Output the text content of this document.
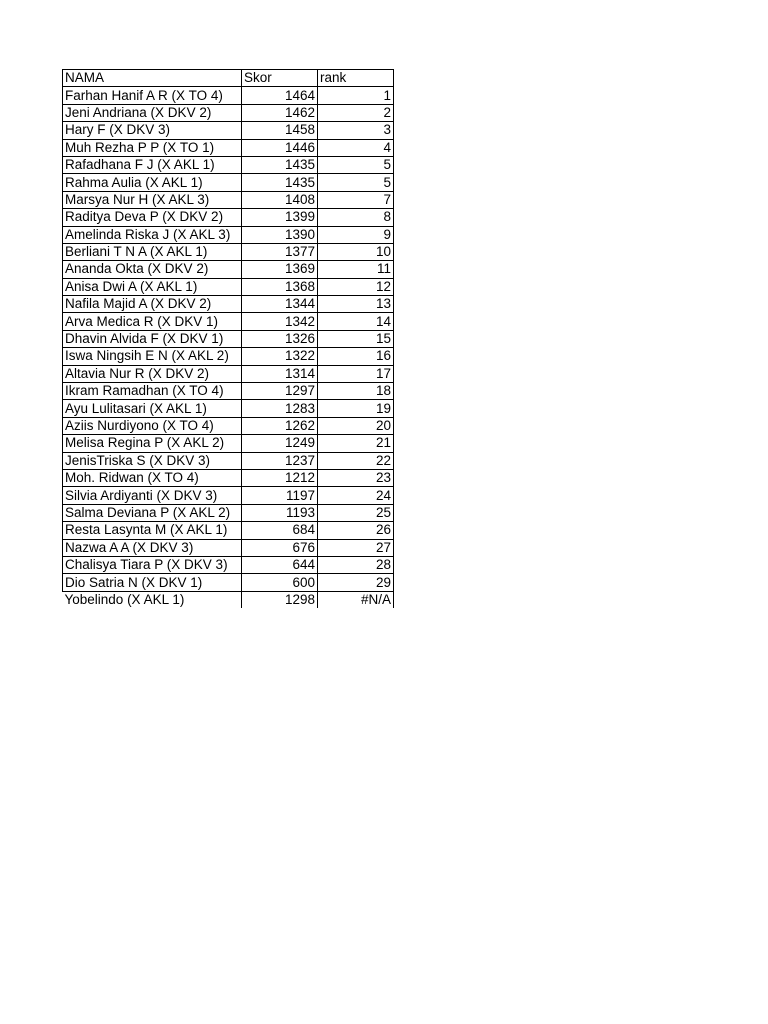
NAMA	Skor	rank
Farhan Hanif A R (X TO 4)	1464	1
Jeni Andriana (X DKV 2)	1462	2
Hary F (X DKV 3)	1458	3
Muh Rezha P P (X TO 1)	1446	4
Rafadhana F J (X AKL 1)	1435	5
Rahma Aulia (X AKL 1)	1435	5
Marsya Nur H (X AKL 3)	1408	7
Raditya Deva P (X DKV 2)	1399	8
Amelinda Riska J (X AKL 3)	1390	9
Berliani T N A (X AKL 1)	1377	10
Ananda Okta (X DKV 2)	1369	11
Anisa Dwi A (X AKL 1)	1368	12
Nafila Majid A (X DKV 2)	1344	13
Arva Medica R (X DKV 1)	1342	14
Dhavin Alvida F (X DKV 1)	1326	15
Iswa Ningsih E N (X AKL 2)	1322	16
Altavia Nur R (X DKV 2)	1314	17
Ikram Ramadhan (X TO 4)	1297	18
Ayu Lulitasari (X AKL 1)	1283	19
Aziis Nurdiyono (X TO 4)	1262	20
Melisa Regina P (X AKL 2)	1249	21
JenisTriska S (X DKV 3)	1237	22
Moh. Ridwan (X TO 4)	1212	23
Silvia Ardiyanti (X DKV 3)	1197	24
Salma Deviana P (X AKL 2)	1193	25
Resta Lasynta M (X AKL 1)	684	26
Nazwa A A (X DKV 3)	676	27
Chalisya Tiara P (X DKV 3)	644	28
Dio Satria N (X DKV 1)	600	29
Yobelindo (X AKL 1)	1298	#N/A
